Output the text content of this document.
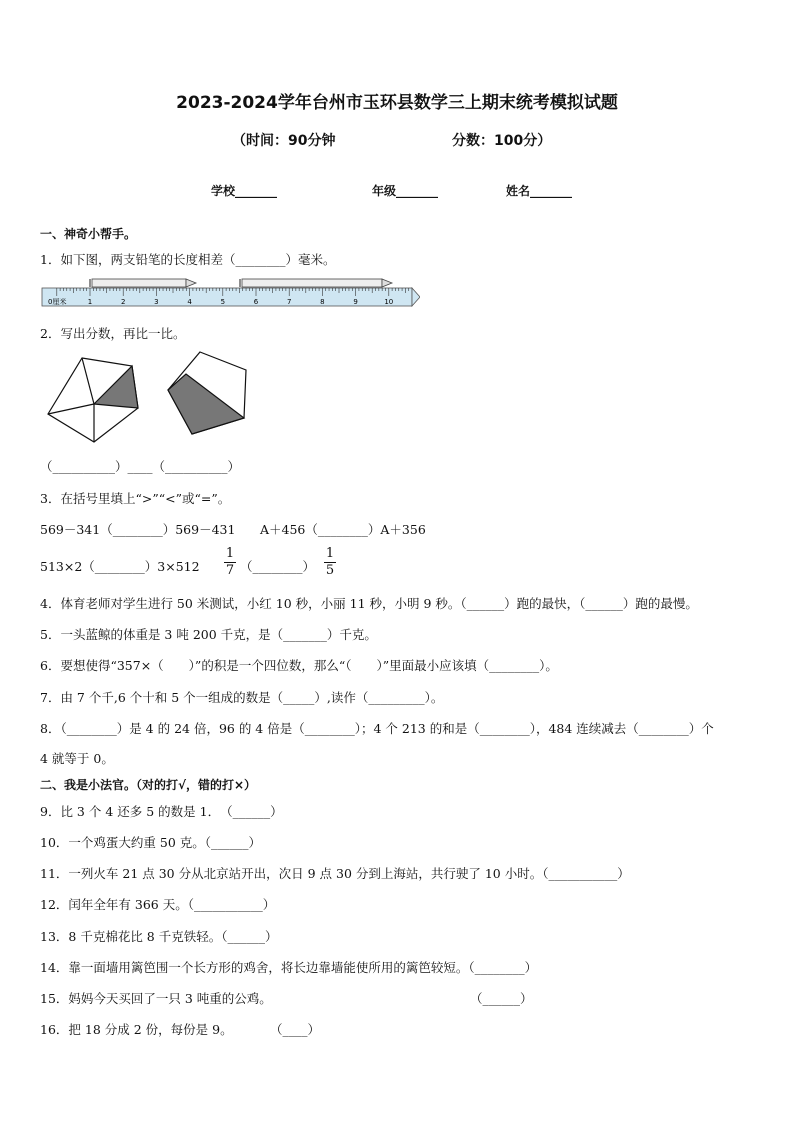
2023-2024学年台州市玉环县数学三上期末统考模拟试题
（时间：90分钟	分数：100分）
学校_______	年级_______	姓名_______
一、神奇小帮手。
1．如下图，两支铅笔的长度相差（________）毫米。
1	2	3	4	5	6	7	8	9	10
0厘米
2．写出分数，再比一比。
（__________）____（__________）
3．在括号里填上“>”“<”或“=”。
569－341（________）569－431 A＋456（________）A＋356
513×2（________）3×512 $\frac{1}{7}$ （________） $\frac{1}{5}$
4．体育老师对学生进行 50 米测试，小红 10 秒，小丽 11 秒，小明 9 秒。（______）跑的最快，（______）跑的最慢。
5．一头蓝鲸的体重是 3 吨 200 千克，是（_______）千克。
6．要想使得“357×（　　）”的积是一个四位数，那么“（　　）”里面最小应该填（________）。
7．由 7 个千,6 个十和 5 个一组成的数是（_____）,读作（_________）。
8．（________）是 4 的 24 倍，96 的 4 倍是（________）；4 个 213 的和是（________），484 连续减去（________）个
4 就等于 0。
二、我是小法官。（对的打√，错的打×）
9．比 3 个 4 还多 5 的数是 1．　（______）
10．一个鸡蛋大约重 50 克。（______）
11．一列火车 21 点 30 分从北京站开出，次日 9 点 30 分到上海站，共行驶了 10 小时。（___________）
12．闰年全年有 366 天。（___________）
13．8 千克棉花比 8 千克铁轻。（______）
14．靠一面墙用篱笆围一个长方形的鸡舍，将长边靠墙能使所用的篱笆较短。（________）
15．妈妈今天买回了一只 3 吨重的公鸡。	（______）
16．把 18 分成 2 份，每份是 9。	（____）
